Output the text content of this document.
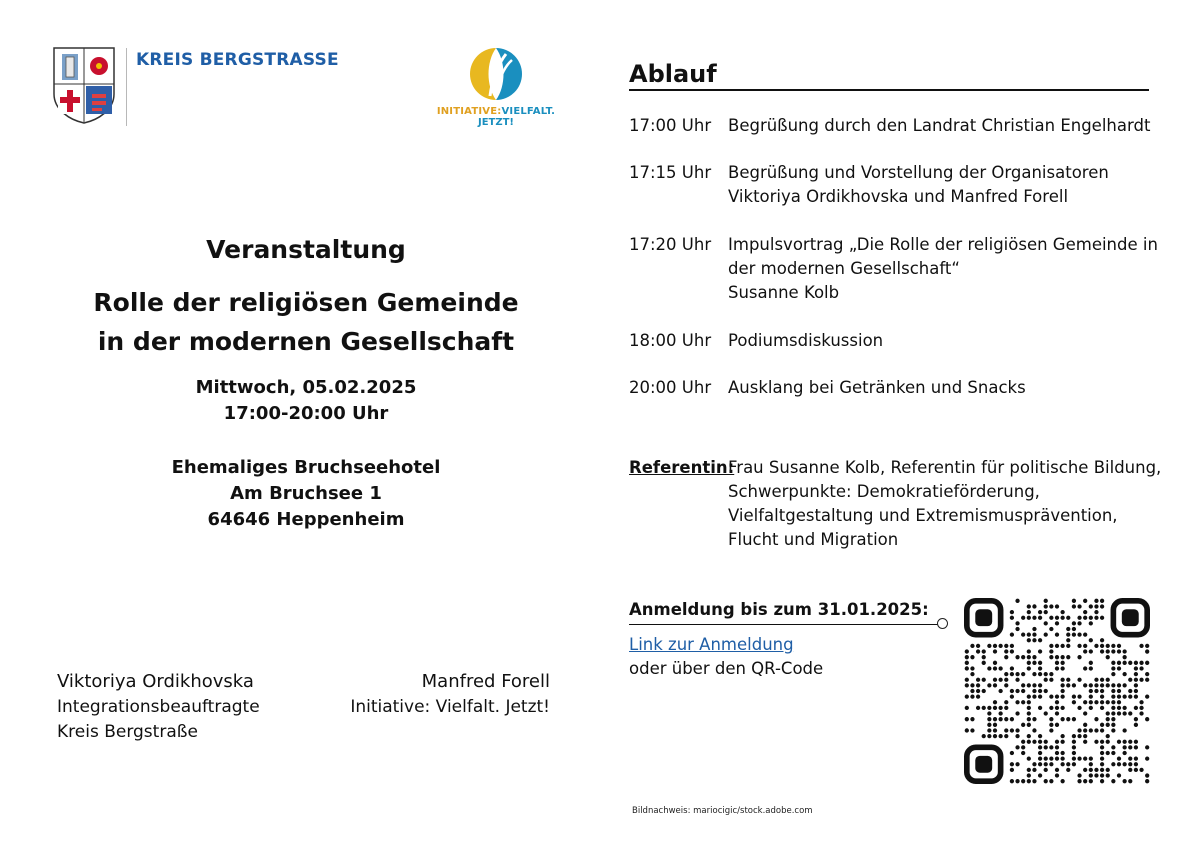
KREIS BERGSTRASSE
INITIATIVE:VIELFALT.
JETZT!
Veranstaltung
Rolle der religiösen Gemeinde
in der modernen Gesellschaft
Mittwoch, 05.02.2025
17:00-20:00 Uhr
Ehemaliges Bruchseehotel
Am Bruchsee 1
64646 Heppenheim
Viktoriya Ordikhovska
Integrationsbeauftragte
Kreis Bergstraße
Manfred Forell
Initiative: Vielfalt. Jetzt!
Ablauf
17:00 Uhr	Begrüßung durch den Landrat Christian Engelhardt
17:15 Uhr	Begrüßung und Vorstellung der Organisatoren
Viktoriya Ordikhovska und Manfred Forell
17:20 Uhr	Impulsvortrag „Die Rolle der religiösen Gemeinde in
der modernen Gesellschaft“
Susanne Kolb
18:00 Uhr	Podiumsdiskussion
20:00 Uhr	Ausklang bei Getränken und Snacks
Referentin:
Frau Susanne Kolb, Referentin für politische Bildung,
Schwerpunkte: Demokratieförderung,
Vielfaltgestaltung und Extremismusprävention,
Flucht und Migration
Anmeldung bis zum 31.01.2025:
Link zur Anmeldung
oder über den QR-Code
Bildnachweis: mariocigic/stock.adobe.com
